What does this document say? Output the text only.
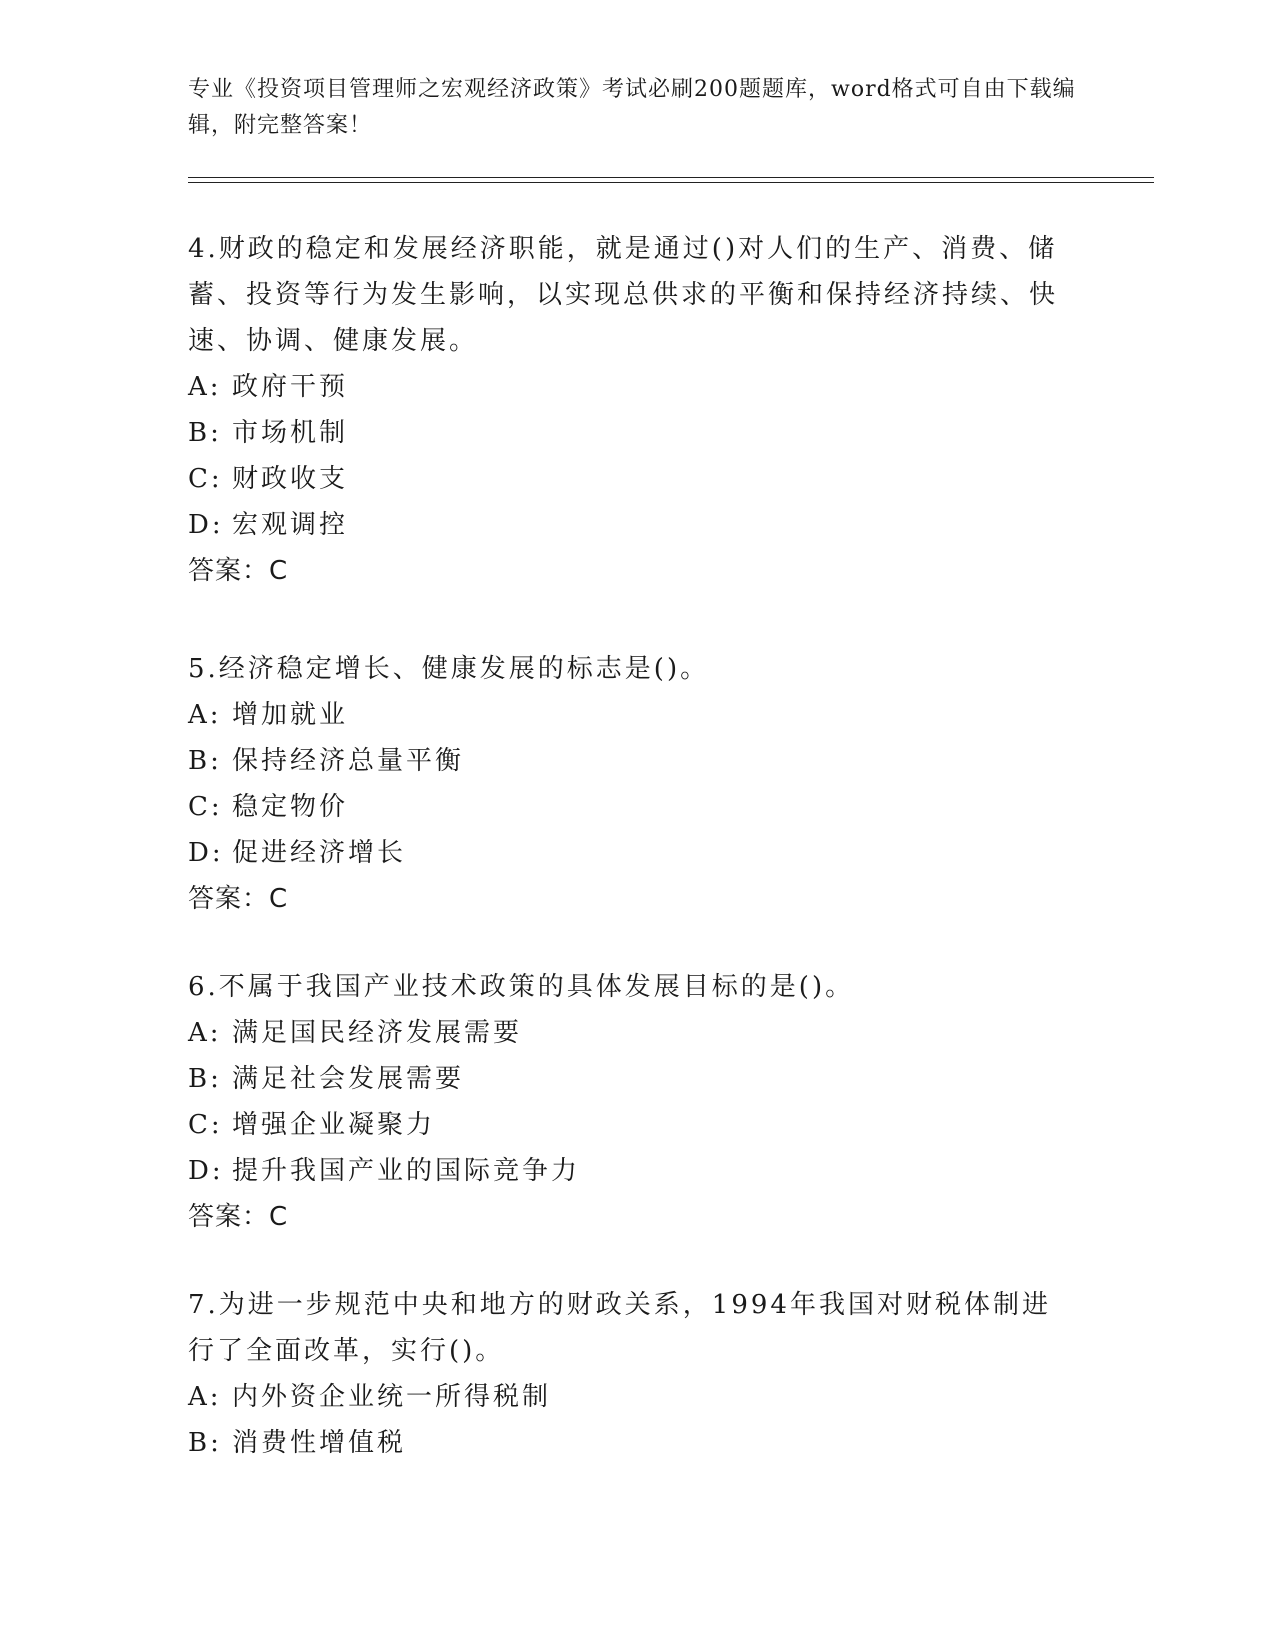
专业《投资项目管理师之宏观经济政策》考试必刷200题题库，word格式可自由下载编辑，附完整答案！

4.财政的稳定和发展经济职能，就是通过()对人们的生产、消费、储蓄、投资等行为发生影响，以实现总供求的平衡和保持经济持续、快速、协调、健康发展。

A: 政府干预

B: 市场机制

C: 财政收支

D: 宏观调控

答案：C

5.经济稳定增长、健康发展的标志是()。

A: 增加就业

B: 保持经济总量平衡

C: 稳定物价

D: 促进经济增长

答案：C

6.不属于我国产业技术政策的具体发展目标的是()。

A: 满足国民经济发展需要

B: 满足社会发展需要

C: 增强企业凝聚力

D: 提升我国产业的国际竞争力

答案：C

7.为进一步规范中央和地方的财政关系，1994年我国对财税体制进行了全面改革，实行()。

A: 内外资企业统一所得税制

B: 消费性增值税
